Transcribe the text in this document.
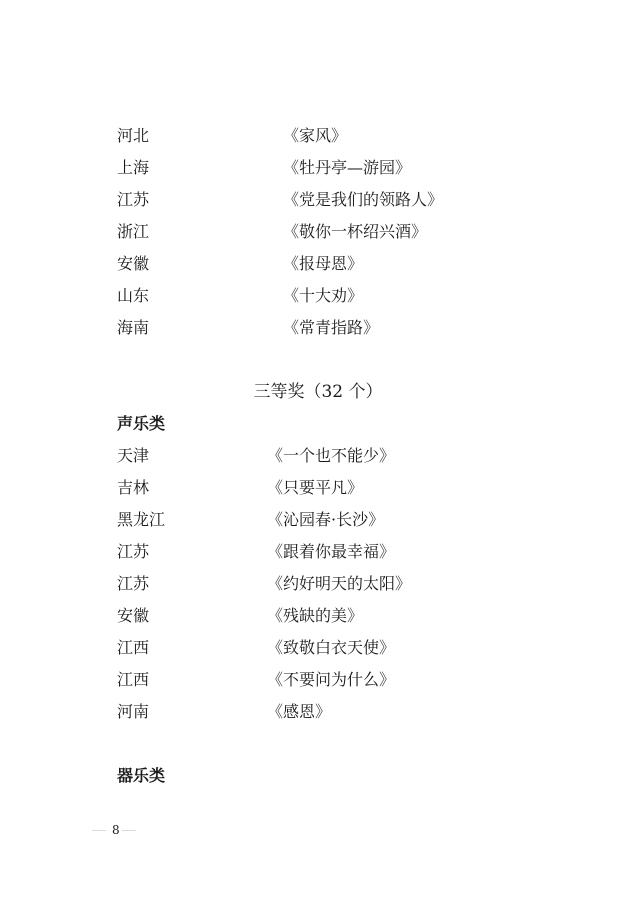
河北	《家风》
上海	《牡丹亭—游园》
江苏	《党是我们的领路人》
浙江	《敬你一杯绍兴酒》
安徽	《报母恩》
山东	《十大劝》
海南	《常青指路》
三等奖（32 个）
声乐类
天津	《一个也不能少》
吉林	《只要平凡》
黑龙江	《沁园春·长沙》
江苏	《跟着你最幸福》
江苏	《约好明天的太阳》
安徽	《残缺的美》
江西	《致敬白衣天使》
江西	《不要问为什么》
河南	《感恩》
器乐类
8
